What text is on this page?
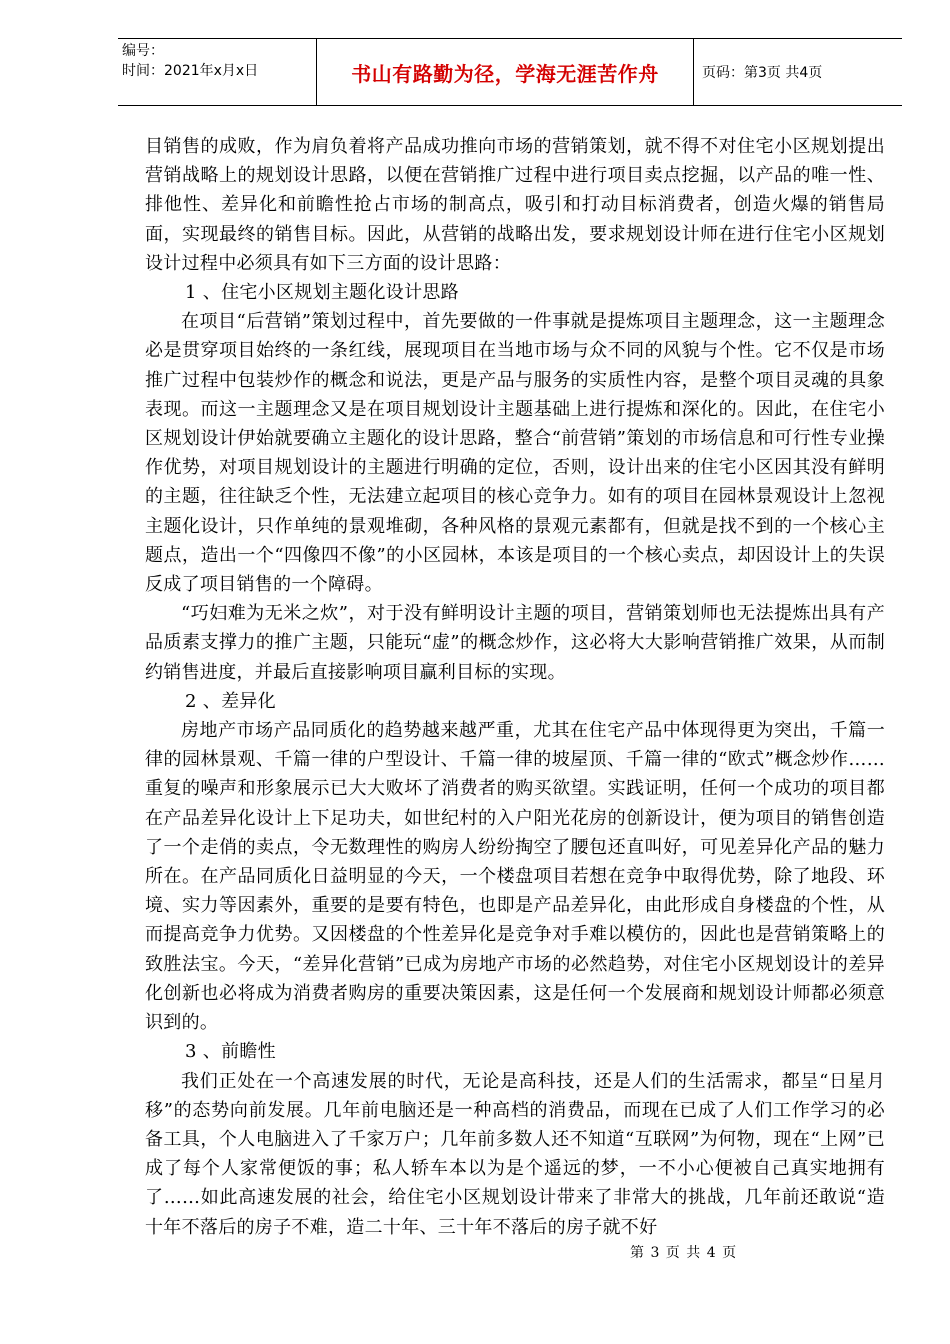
编号：
时间：2021年x月x日	书山有路勤为径，学海无涯苦作舟	页码：第3页 共4页

目销售的成败，作为肩负着将产品成功推向市场的营销策划，就不得不对住宅小区规划提出营销战略上的规划设计思路，以便在营销推广过程中进行项目卖点挖掘，以产品的唯一性、排他性、差异化和前瞻性抢占市场的制高点，吸引和打动目标消费者，创造火爆的销售局面，实现最终的销售目标。因此，从营销的战略出发，要求规划设计师在进行住宅小区规划设计过程中必须具有如下三方面的设计思路：

1 、住宅小区规划主题化设计思路

在项目“后营销”策划过程中，首先要做的一件事就是提炼项目主题理念，这一主题理念必是贯穿项目始终的一条红线，展现项目在当地市场与众不同的风貌与个性。它不仅是市场推广过程中包装炒作的概念和说法，更是产品与服务的实质性内容，是整个项目灵魂的具象表现。而这一主题理念又是在项目规划设计主题基础上进行提炼和深化的。因此，在住宅小区规划设计伊始就要确立主题化的设计思路，整合“前营销”策划的市场信息和可行性专业操作优势，对项目规划设计的主题进行明确的定位，否则，设计出来的住宅小区因其没有鲜明的主题，往往缺乏个性，无法建立起项目的核心竞争力。如有的项目在园林景观设计上忽视主题化设计，只作单纯的景观堆砌，各种风格的景观元素都有，但就是找不到的一个核心主题点，造出一个“四像四不像”的小区园林，本该是项目的一个核心卖点，却因设计上的失误反成了项目销售的一个障碍。

“巧妇难为无米之炊”，对于没有鲜明设计主题的项目，营销策划师也无法提炼出具有产品质素支撑力的推广主题，只能玩“虚”的概念炒作，这必将大大影响营销推广效果，从而制约销售进度，并最后直接影响项目赢利目标的实现。

2 、差异化

房地产市场产品同质化的趋势越来越严重，尤其在住宅产品中体现得更为突出，千篇一律的园林景观、千篇一律的户型设计、千篇一律的坡屋顶、千篇一律的“欧式”概念炒作……重复的噪声和形象展示已大大败坏了消费者的购买欲望。实践证明，任何一个成功的项目都在产品差异化设计上下足功夫，如世纪村的入户阳光花房的创新设计，便为项目的销售创造了一个走俏的卖点，令无数理性的购房人纷纷掏空了腰包还直叫好，可见差异化产品的魅力所在。在产品同质化日益明显的今天，一个楼盘项目若想在竞争中取得优势，除了地段、环境、实力等因素外，重要的是要有特色，也即是产品差异化，由此形成自身楼盘的个性，从而提高竞争力优势。又因楼盘的个性差异化是竞争对手难以模仿的，因此也是营销策略上的致胜法宝。今天，“差异化营销”已成为房地产市场的必然趋势，对住宅小区规划设计的差异化创新也必将成为消费者购房的重要决策因素，这是任何一个发展商和规划设计师都必须意识到的。

3 、前瞻性

我们正处在一个高速发展的时代，无论是高科技，还是人们的生活需求，都呈“日星月移”的态势向前发展。几年前电脑还是一种高档的消费品，而现在已成了人们工作学习的必备工具，个人电脑进入了千家万户；几年前多数人还不知道“互联网”为何物，现在“上网”已成了每个人家常便饭的事；私人轿车本以为是个遥远的梦，一不小心便被自己真实地拥有了……如此高速发展的社会，给住宅小区规划设计带来了非常大的挑战，几年前还敢说“造十年不落后的房子不难，造二十年、三十年不落后的房子就不好

第 3 页 共 4 页
